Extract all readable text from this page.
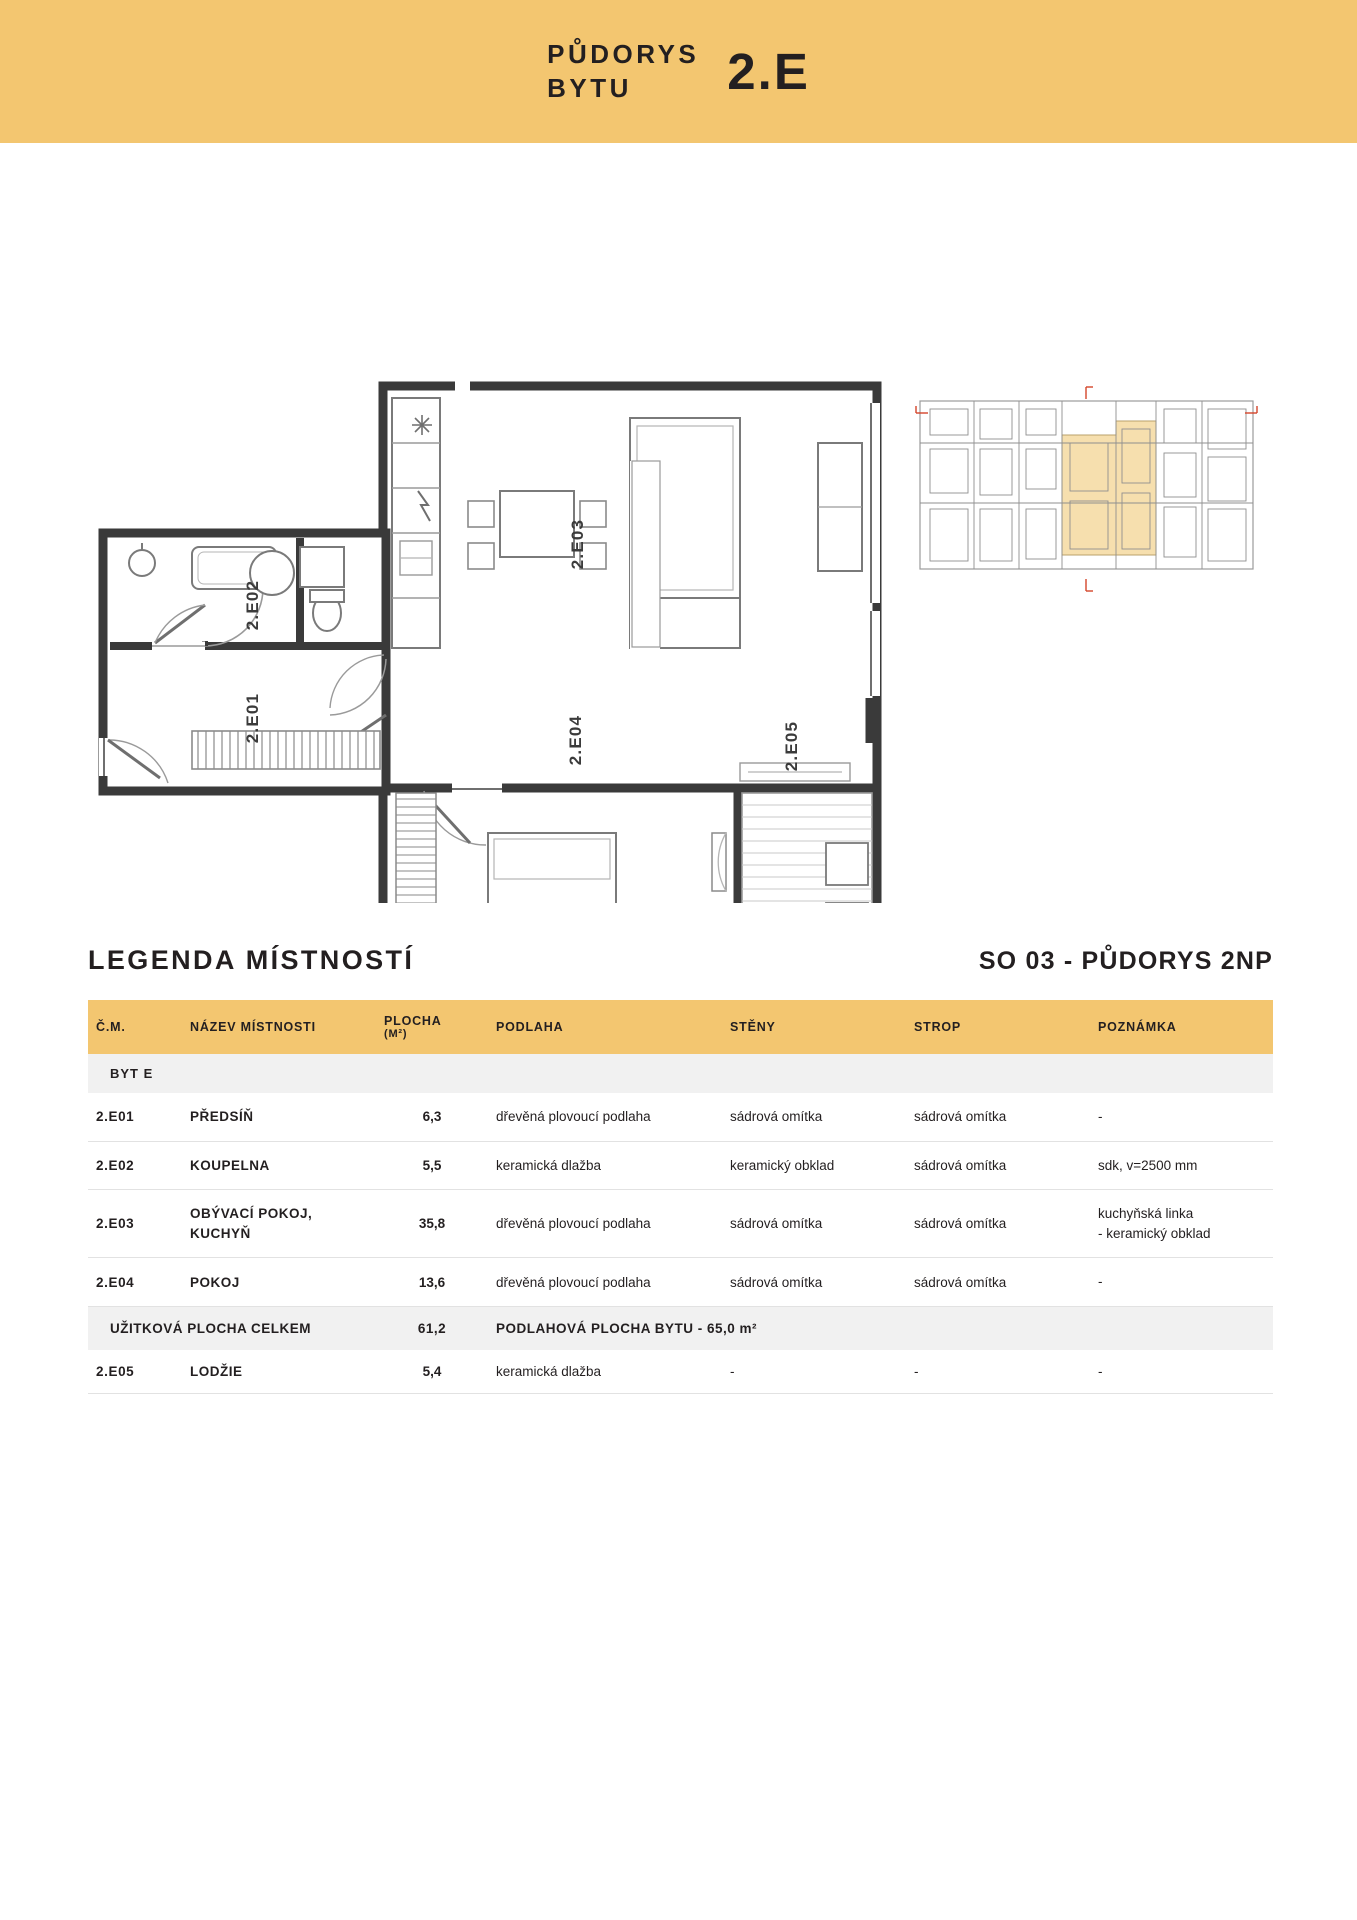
PŮDORYS
BYTU	2.E
2.E02
2.E01
2.E03
2.E04	2.E05
LEGENDA MÍSTNOSTÍ	SO 03 - PŮDORYS 2NP
Č.M.	NÁZEV MÍSTNOSTI	PLOCHA
(M²)	PODLAHA	STĚNY	STROP	POZNÁMKA
BYT E						
2.E01	PŘEDSÍŇ	6,3	dřevěná plovoucí podlaha	sádrová omítka	sádrová omítka	-

2.E02	KOUPELNA	5,5	keramická dlažba	keramický obklad	sádrová omítka	sdk, v=2500 mm

2.E03	OBÝVACÍ POKOJ,
KUCHYŇ	35,8	dřevěná plovoucí podlaha	sádrová omítka	sádrová omítka	kuchyňská linka
- keramický obklad

2.E04	POKOJ	13,6	dřevěná plovoucí podlaha	sádrová omítka	sádrová omítka	-

UŽITKOVÁ PLOCHA CELKEM		61,2	PODLAHOVÁ PLOCHA BYTU - 65,0 m²			
2.E05	LODŽIE	5,4	keramická dlažba	-	-	-
